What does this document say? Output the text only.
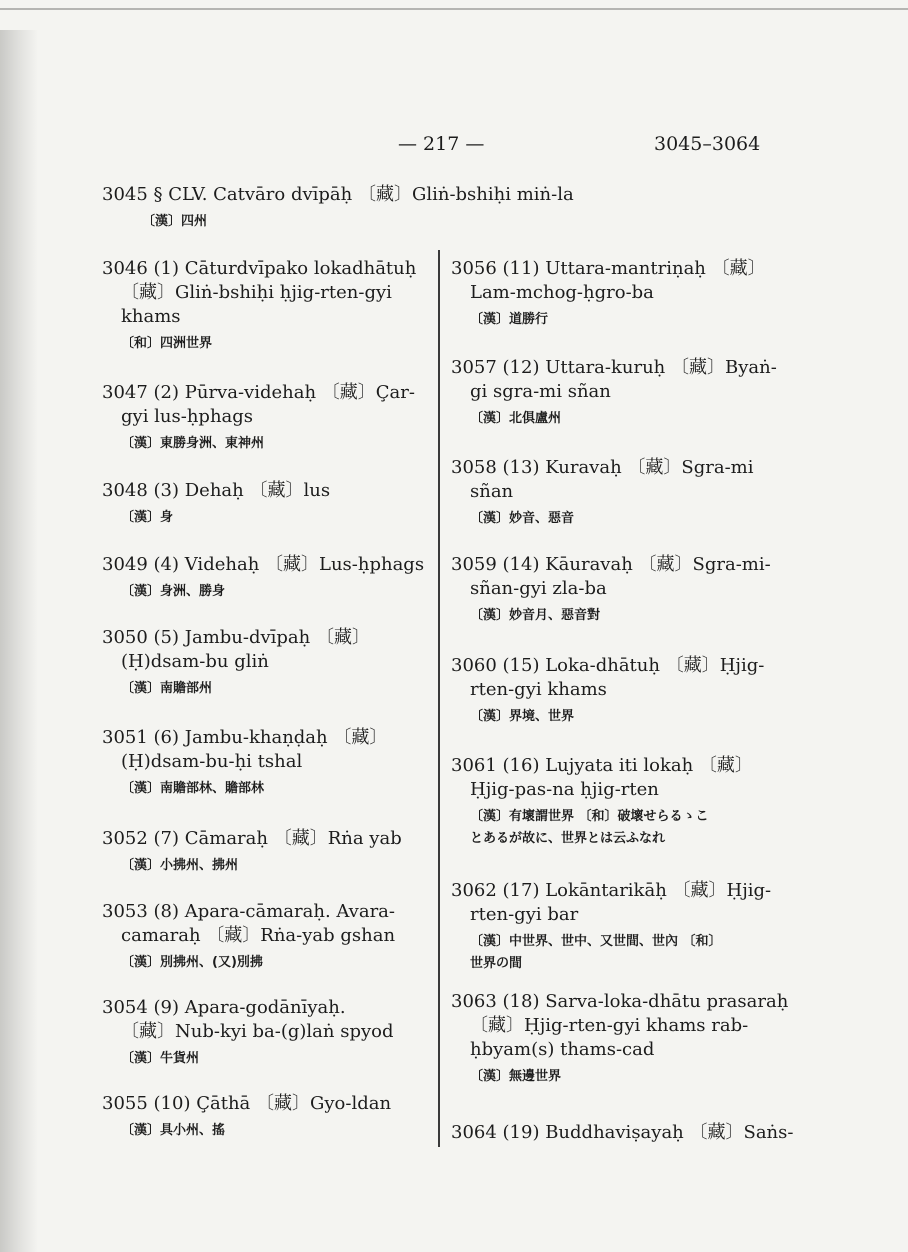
— 217 —	3045–3064
3045 § CLV. Catvāro dvīpāḥ 〔藏〕Gliṅ-bshiḥi miṅ-la
〔漢〕四州
3046 (1) Cāturdvīpako lokadhātuḥ
〔藏〕Gliṅ-bshiḥi ḥjig-rten-gyi
khams
〔和〕四洲世界
3047 (2) Pūrva-videhaḥ 〔藏〕Çar-
gyi lus-ḥphags
〔漢〕東勝身洲、東神州
3048 (3) Dehaḥ 〔藏〕lus
〔漢〕身
3049 (4) Videhaḥ 〔藏〕Lus-ḥphags
〔漢〕身洲、勝身
3050 (5) Jambu-dvīpaḥ 〔藏〕
(Ḥ)dsam-bu gliṅ
〔漢〕南贍部州
3051 (6) Jambu-khaṇḍaḥ 〔藏〕
(Ḥ)dsam-bu-ḥi tshal
〔漢〕南贍部林、贍部林
3052 (7) Cāmaraḥ 〔藏〕Rṅa yab
〔漢〕小拂州、拂州
3053 (8) Apara-cāmaraḥ. Avara-
camaraḥ 〔藏〕Rṅa-yab gshan
〔漢〕別拂州、(又)別拂
3054 (9) Apara-godānīyaḥ.
〔藏〕Nub-kyi ba-(g)laṅ spyod
〔漢〕牛貨州
3055 (10) Çāthā 〔藏〕Gyo-ldan
〔漢〕具小州、搖
3056 (11) Uttara-mantriṇaḥ 〔藏〕
Lam-mchog-ḥgro-ba
〔漢〕道勝行
3057 (12) Uttara-kuruḥ 〔藏〕Byaṅ-
gi sgra-mi sñan
〔漢〕北俱盧州
3058 (13) Kuravaḥ 〔藏〕Sgra-mi
sñan
〔漢〕妙音、惡音
3059 (14) Kāuravaḥ 〔藏〕Sgra-mi-
sñan-gyi zla-ba
〔漢〕妙音月、惡音對
3060 (15) Loka-dhātuḥ 〔藏〕Ḥjig-
rten-gyi khams
〔漢〕界境、世界
3061 (16) Lujyata iti lokaḥ 〔藏〕
Ḥjig-pas-na ḥjig-rten
〔漢〕有壞謂世界 〔和〕破壞せらるゝこ
とあるが故に、世界とは云ふなれ
3062 (17) Lokāntarikāḥ 〔藏〕Ḥjig-
rten-gyi bar
〔漢〕中世界、世中、又世間、世內 〔和〕
世界の間
3063 (18) Sarva-loka-dhātu prasaraḥ
〔藏〕Ḥjig-rten-gyi khams rab-
ḥbyam(s) thams-cad
〔漢〕無邊世界
3064 (19) Buddhaviṣayaḥ 〔藏〕Saṅs-
